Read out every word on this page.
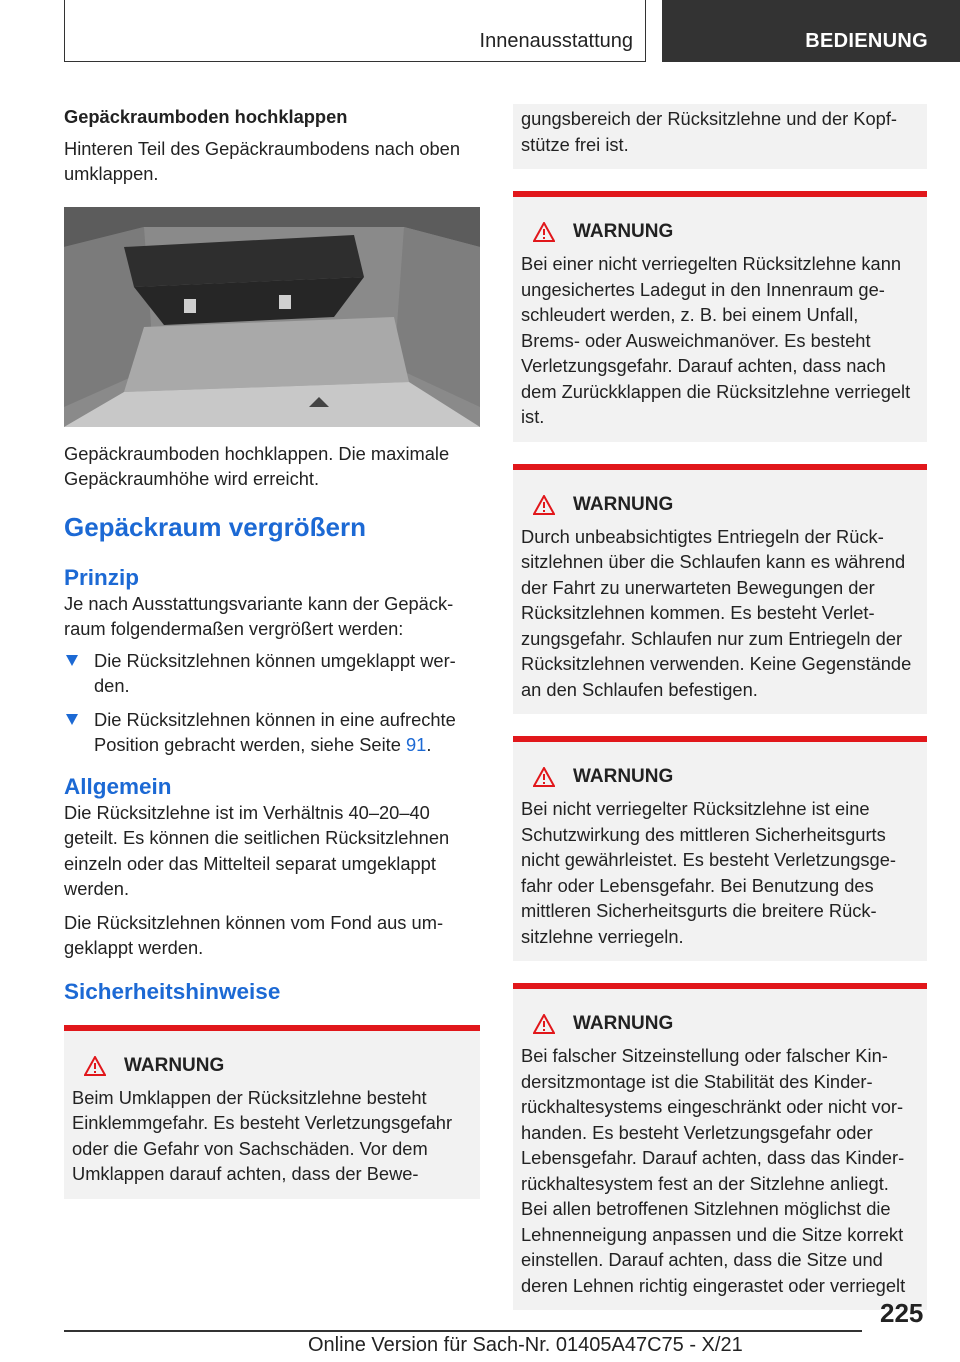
Innenausstattung	BEDIENUNG
Gepäckraumboden hochklappen

Hinteren Teil des Gepäckraumbodens nach oben umklappen.

Gepäckraumboden hochklappen. Die maximale Gepäckraumhöhe wird erreicht.

Gepäckraum vergrößern
Prinzip

Je nach Ausstattungsvariante kann der Gepäckraum folgendermaßen vergrößert werden:

Die Rücksitzlehnen können umgeklappt werden.
Die Rücksitzlehnen können in eine aufrechte Position gebracht werden, siehe Seite 91.
Allgemein

Die Rücksitzlehne ist im Verhältnis 40–20–40 geteilt. Es können die seitlichen Rücksitzlehnen einzeln oder das Mittelteil separat umgeklappt werden.

Die Rücksitzlehnen können vom Fond aus umgeklappt werden.

Sicherheitshinweise
WARNUNG

Beim Umklappen der Rücksitzlehne besteht Einklemmgefahr. Es besteht Verletzungsgefahr oder die Gefahr von Sachschäden. Vor dem Umklappen darauf achten, dass der Bewe-

gungsbereich der Rücksitzlehne und der Kopfstütze frei ist.

WARNUNG

Bei einer nicht verriegelten Rücksitzlehne kann ungesichertes Ladegut in den Innenraum geschleudert werden, z. B. bei einem Unfall, Brems- oder Ausweichmanöver. Es besteht Verletzungsgefahr. Darauf achten, dass nach dem Zurückklappen die Rücksitzlehne verriegelt ist.

WARNUNG

Durch unbeabsichtigtes Entriegeln der Rücksitzlehnen über die Schlaufen kann es während der Fahrt zu unerwarteten Bewegungen der Rücksitzlehnen kommen. Es besteht Verletzungsgefahr. Schlaufen nur zum Entriegeln der Rücksitzlehnen verwenden. Keine Gegenstände an den Schlaufen befestigen.

WARNUNG

Bei nicht verriegelter Rücksitzlehne ist eine Schutzwirkung des mittleren Sicherheitsgurts nicht gewährleistet. Es besteht Verletzungsgefahr oder Lebensgefahr. Bei Benutzung des mittleren Sicherheitsgurts die breitere Rücksitzlehne verriegeln.

WARNUNG

Bei falscher Sitzeinstellung oder falscher Kindersitzmontage ist die Stabilität des Kinderrückhaltesystems eingeschränkt oder nicht vorhanden. Es besteht Verletzungsgefahr oder Lebensgefahr. Darauf achten, dass das Kinderrückhaltesystem fest an der Sitzlehne anliegt. Bei allen betroffenen Sitzlehnen möglichst die Lehnenneigung anpassen und die Sitze korrekt einstellen. Darauf achten, dass die Sitze und deren Lehnen richtig eingerastet oder verriegelt

225
Online Version für Sach-Nr. 01405A47C75 - X/21
